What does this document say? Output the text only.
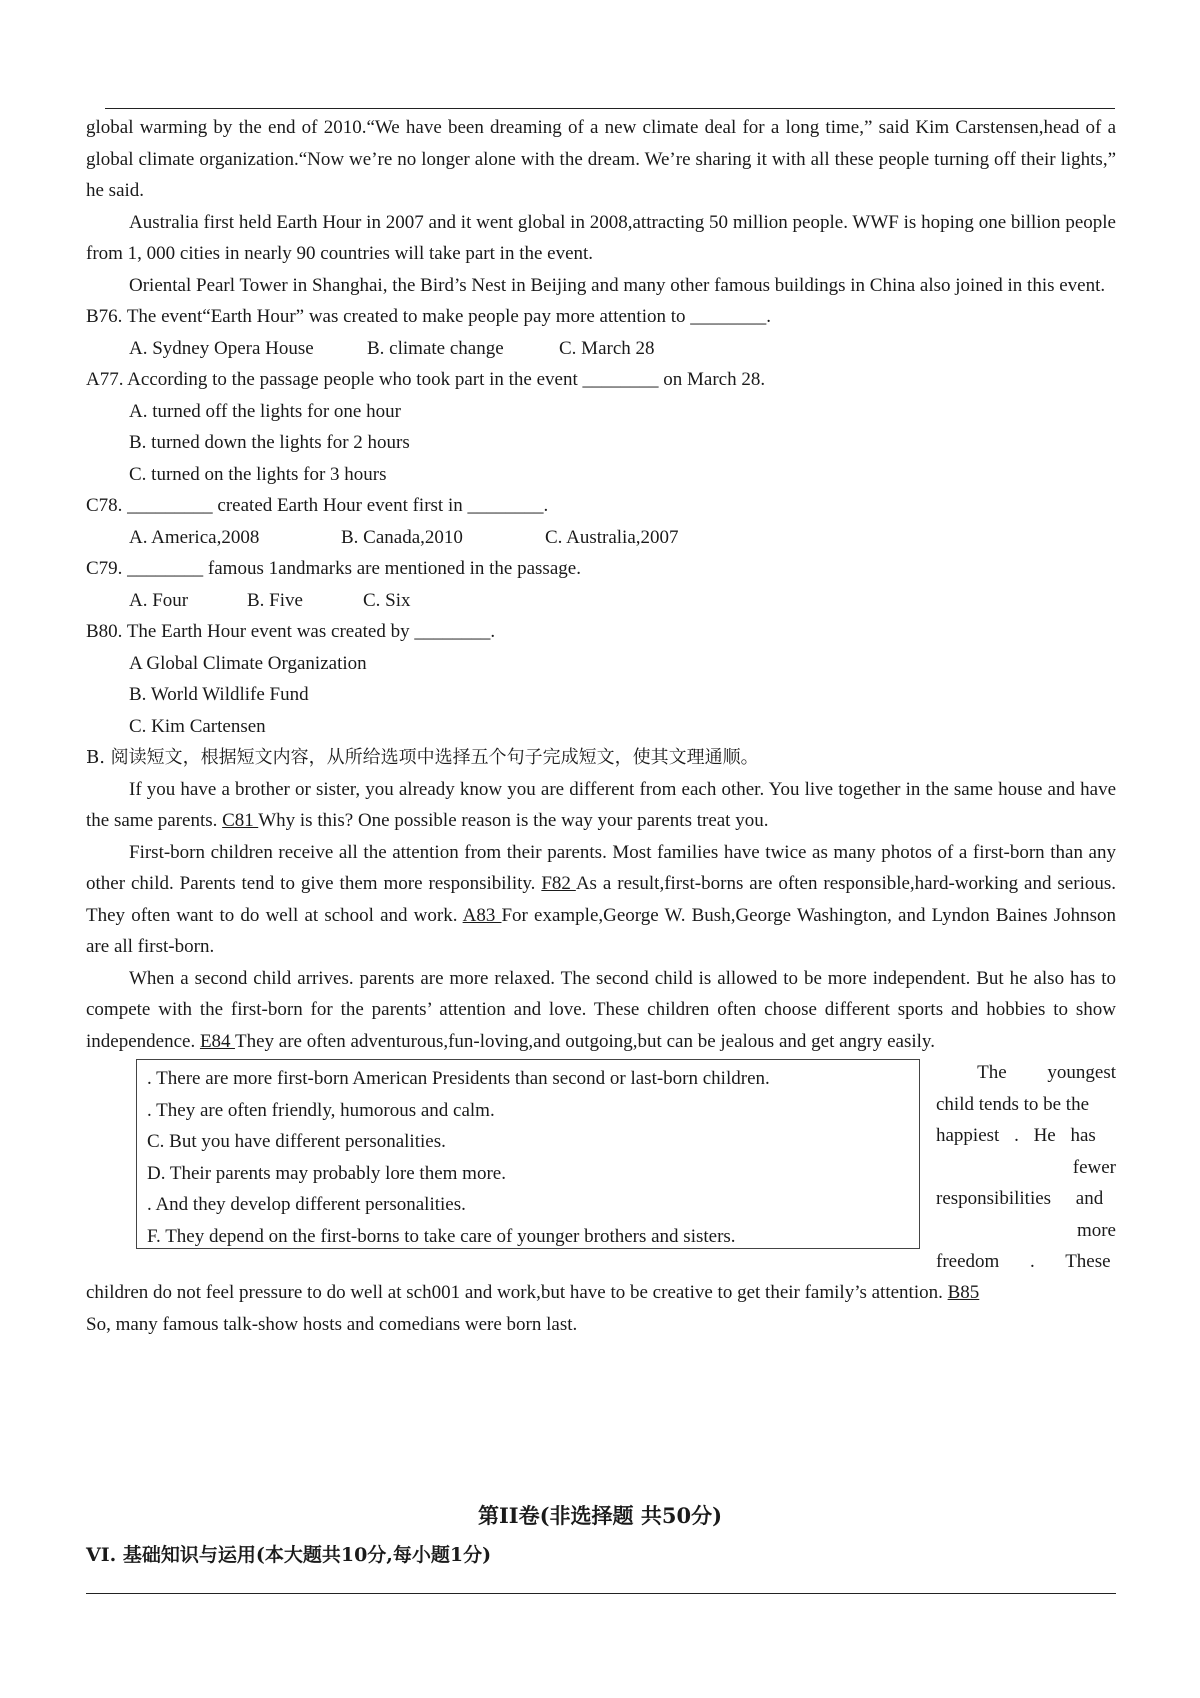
global warming by the end of 2010.“We have been dreaming of a new climate deal for a long time,” said Kim Carstensen,head of a global climate organization.“Now we’re no longer alone with the dream. We’re sharing it with all these people turning off their lights,” he said.

Australia first held Earth Hour in 2007 and it went global in 2008,attracting 50 million people. WWF is hoping one billion people from 1, 000 cities in nearly 90 countries will take part in the event.

Oriental Pearl Tower in Shanghai, the Bird’s Nest in Beijing and many other famous buildings in China also joined in this event.

B76. The event“Earth Hour” was created to make people pay more attention to ________.

A. Sydney Opera House	B. climate change	C. March 28

A77. According to the passage people who took part in the event ________ on March 28.

A. turned off the lights for one hour

B. turned down the lights for 2 hours

C. turned on the lights for 3 hours

C78. _________ created Earth Hour event first in ________.

A. America,2008	B. Canada,2010	C. Australia,2007

C79. ________ famous 1andmarks are mentioned in the passage.

A. Four	B. Five	C. Six

B80. The Earth Hour event was created by ________.

A Global Climate Organization

B. World Wildlife Fund

C. Kim Cartensen

B. 阅读短文，根据短文内容，从所给选项中选择五个句子完成短文，使其文理通顺。

If you have a brother or sister, you already know you are different from each other. You live together in the same house and have the same parents. C81 Why is this? One possible reason is the way your parents treat you.

First-born children receive all the attention from their parents. Most families have twice as many photos of a first-born than any other child. Parents tend to give them more responsibility. F82 As a result,first-borns are often responsible,hard-working and serious. They often want to do well at school and work. A83 For example,George W. Bush,George Washington, and Lyndon Baines Johnson are all first-born.

When a second child arrives. parents are more relaxed. The second child is allowed to be more independent. But he also has to compete with the first-born for the parents’ attention and love. These children often choose different sports and hobbies to show independence. E84 They are often adventurous,fun-loving,and outgoing,but can be jealous and get angry easily.

. There are more first-born American Presidents than second or last-born children.
. They are often friendly, humorous and calm.
C. But you have different personalities.
D. Their parents may probably lore them more.
. And they develop different personalities.
F. They depend on the first-borns to take care of younger brothers and sisters.
The youngest
child tends to be the
happiest . He has
fewer
responsibilities and
more
freedom . These

children do not feel pressure to do well at sch001 and work,but have to be creative to get their family’s attention. B85

So, many famous talk-show hosts and comedians were born last.

第II卷(非选择题 共50分)
VI. 基础知识与运用(本大题共10分,每小题1分)
